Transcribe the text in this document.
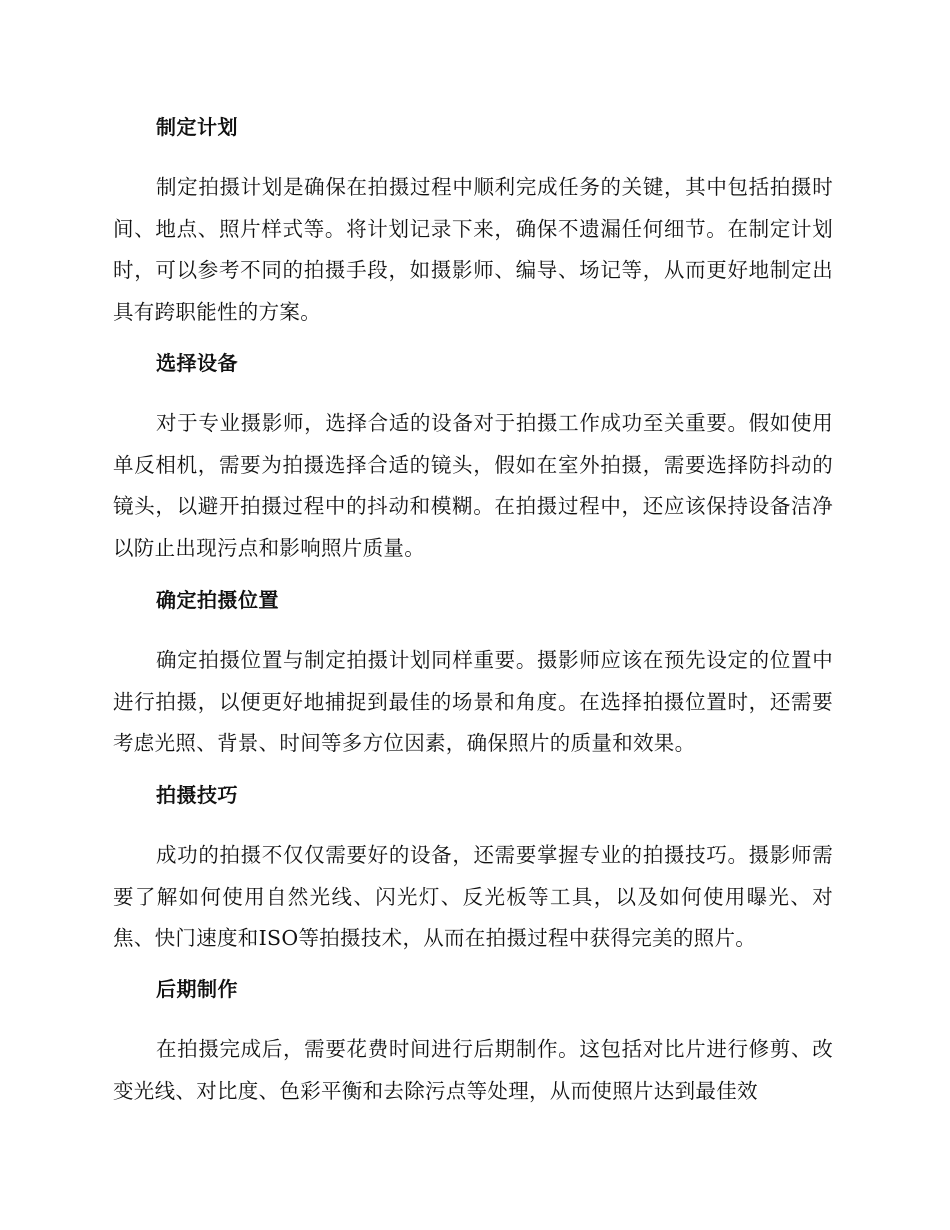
制定计划

制定拍摄计划是确保在拍摄过程中顺利完成任务的关键，其中包括拍摄时间、地点、照片样式等。将计划记录下来，确保不遗漏任何细节。在制定计划时，可以参考不同的拍摄手段，如摄影师、编导、场记等，从而更好地制定出具有跨职能性的方案。

选择设备

对于专业摄影师，选择合适的设备对于拍摄工作成功至关重要。假如使用单反相机，需要为拍摄选择合适的镜头，假如在室外拍摄，需要选择防抖动的镜头，以避开拍摄过程中的抖动和模糊。在拍摄过程中，还应该保持设备洁净以防止出现污点和影响照片质量。

确定拍摄位置

确定拍摄位置与制定拍摄计划同样重要。摄影师应该在预先设定的位置中进行拍摄，以便更好地捕捉到最佳的场景和角度。在选择拍摄位置时，还需要考虑光照、背景、时间等多方位因素，确保照片的质量和效果。

拍摄技巧

成功的拍摄不仅仅需要好的设备，还需要掌握专业的拍摄技巧。摄影师需要了解如何使用自然光线、闪光灯、反光板等工具，以及如何使用曝光、对焦、快门速度和ISO等拍摄技术，从而在拍摄过程中获得完美的照片。

后期制作

在拍摄完成后，需要花费时间进行后期制作。这包括对比片进行修剪、改变光线、对比度、色彩平衡和去除污点等处理，从而使照片达到最佳效
